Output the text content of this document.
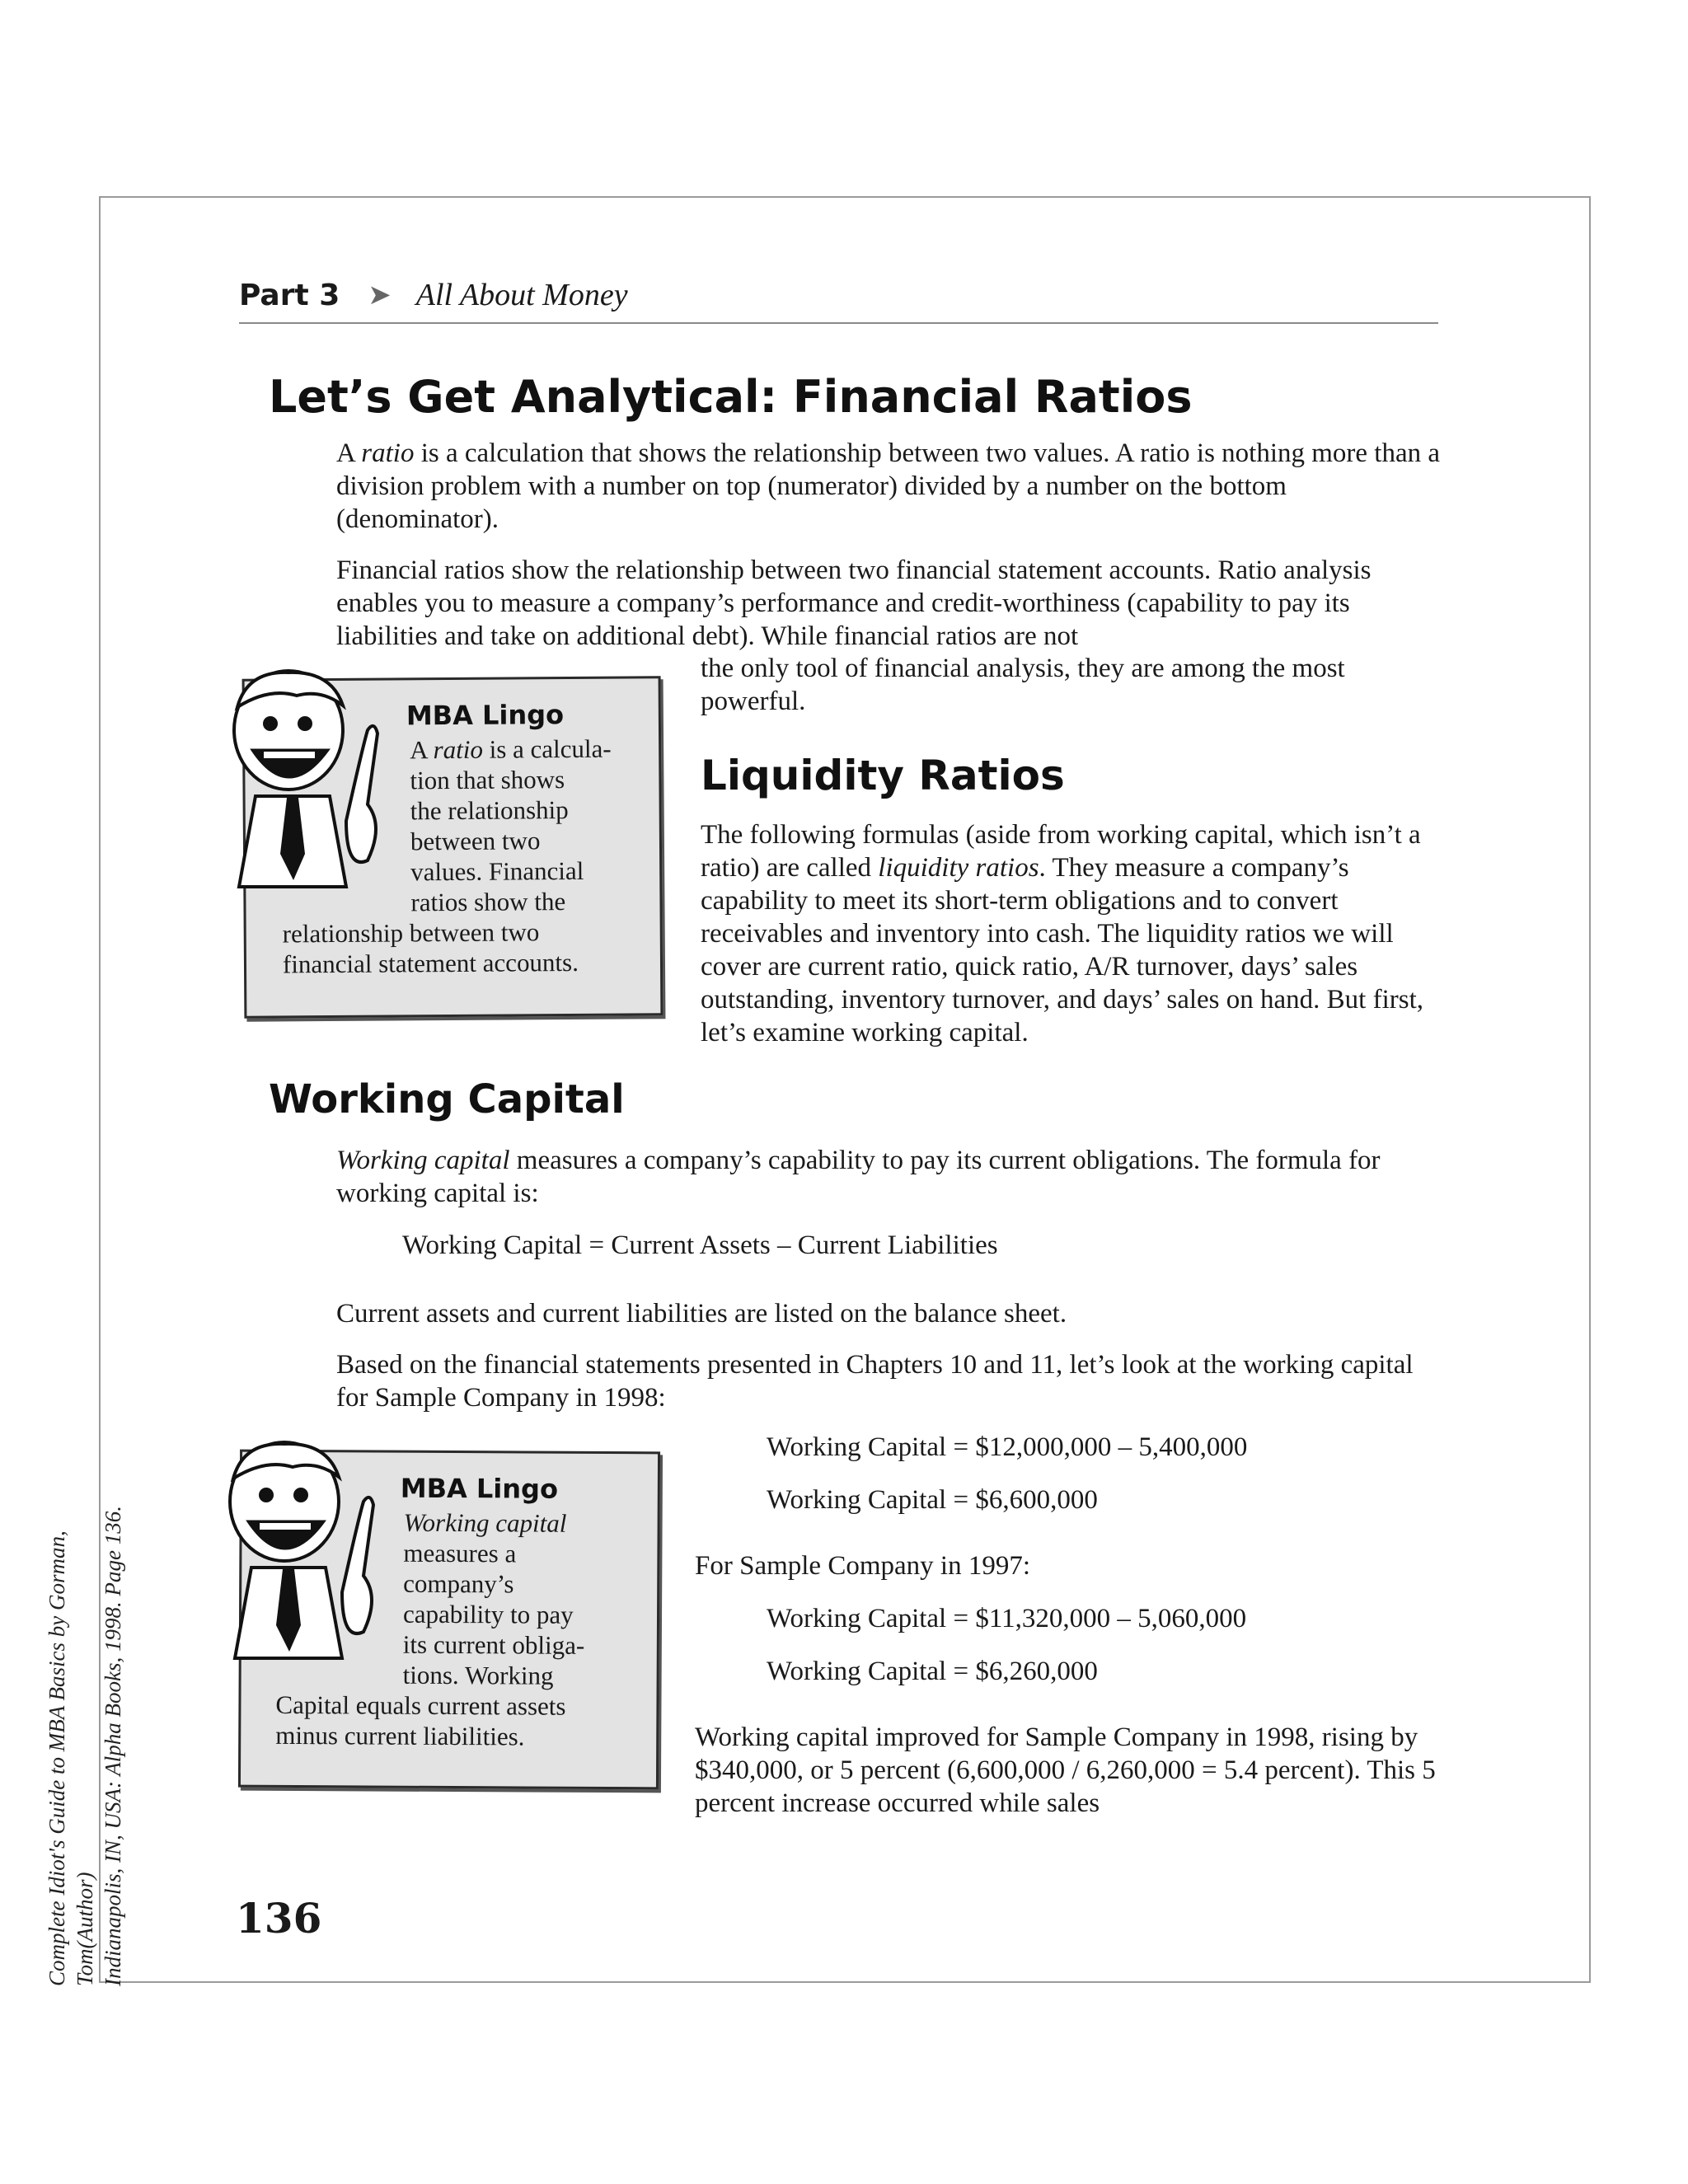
Complete Idiot's Guide to MBA Basics by Gorman, Tom(Author) Indianapolis, IN, USA: Alpha Books, 1998. Page 136.
Part 3 ➤ All About Money
Let’s Get Analytical: Financial Ratios

A ratio is a calculation that shows the relationship between two values. A ratio is nothing more than a division problem with a number on top (numerator) divided by a number on the bottom (denominator).

Financial ratios show the relationship between two financial statement accounts. Ratio analysis enables you to measure a company’s performance and credit-worthiness (capability to pay its liabilities and take on additional debt). While financial ratios are not

the only tool of financial analysis, they are among the most powerful.

Liquidity Ratios

The following formulas (aside from working capital, which isn’t a ratio) are called liquidity ratios. They measure a company’s capability to meet its short-term obligations and to convert receivables and inventory into cash. The liquidity ratios we will cover are current ratio, quick ratio, A/R turnover, days’ sales outstanding, inventory turnover, and days’ sales on hand. But first, let’s examine working capital.

MBA Lingo

A ratio is a calcula-
tion that shows
the relationship
between two
values. Financial
ratios show the

relationship between two
financial statement accounts.

Working Capital

Working capital measures a company’s capability to pay its current obligations. The formula for working capital is:

Working Capital = Current Assets – Current Liabilities

Current assets and current liabilities are listed on the balance sheet.

Based on the financial statements presented in Chapters 10 and 11, let’s look at the working capital for Sample Company in 1998:

Working Capital = $12,000,000 – 5,400,000

Working Capital = $6,600,000

For Sample Company in 1997:

Working Capital = $11,320,000 – 5,060,000

Working Capital = $6,260,000

Working capital improved for Sample Company in 1998, rising by $340,000, or 5 percent (6,600,000 / 6,260,000 = 5.4 percent). This 5 percent increase occurred while sales

MBA Lingo

Working capital
measures a
company’s
capability to pay
its current obliga-
tions. Working

Capital equals current assets
minus current liabilities.

136
